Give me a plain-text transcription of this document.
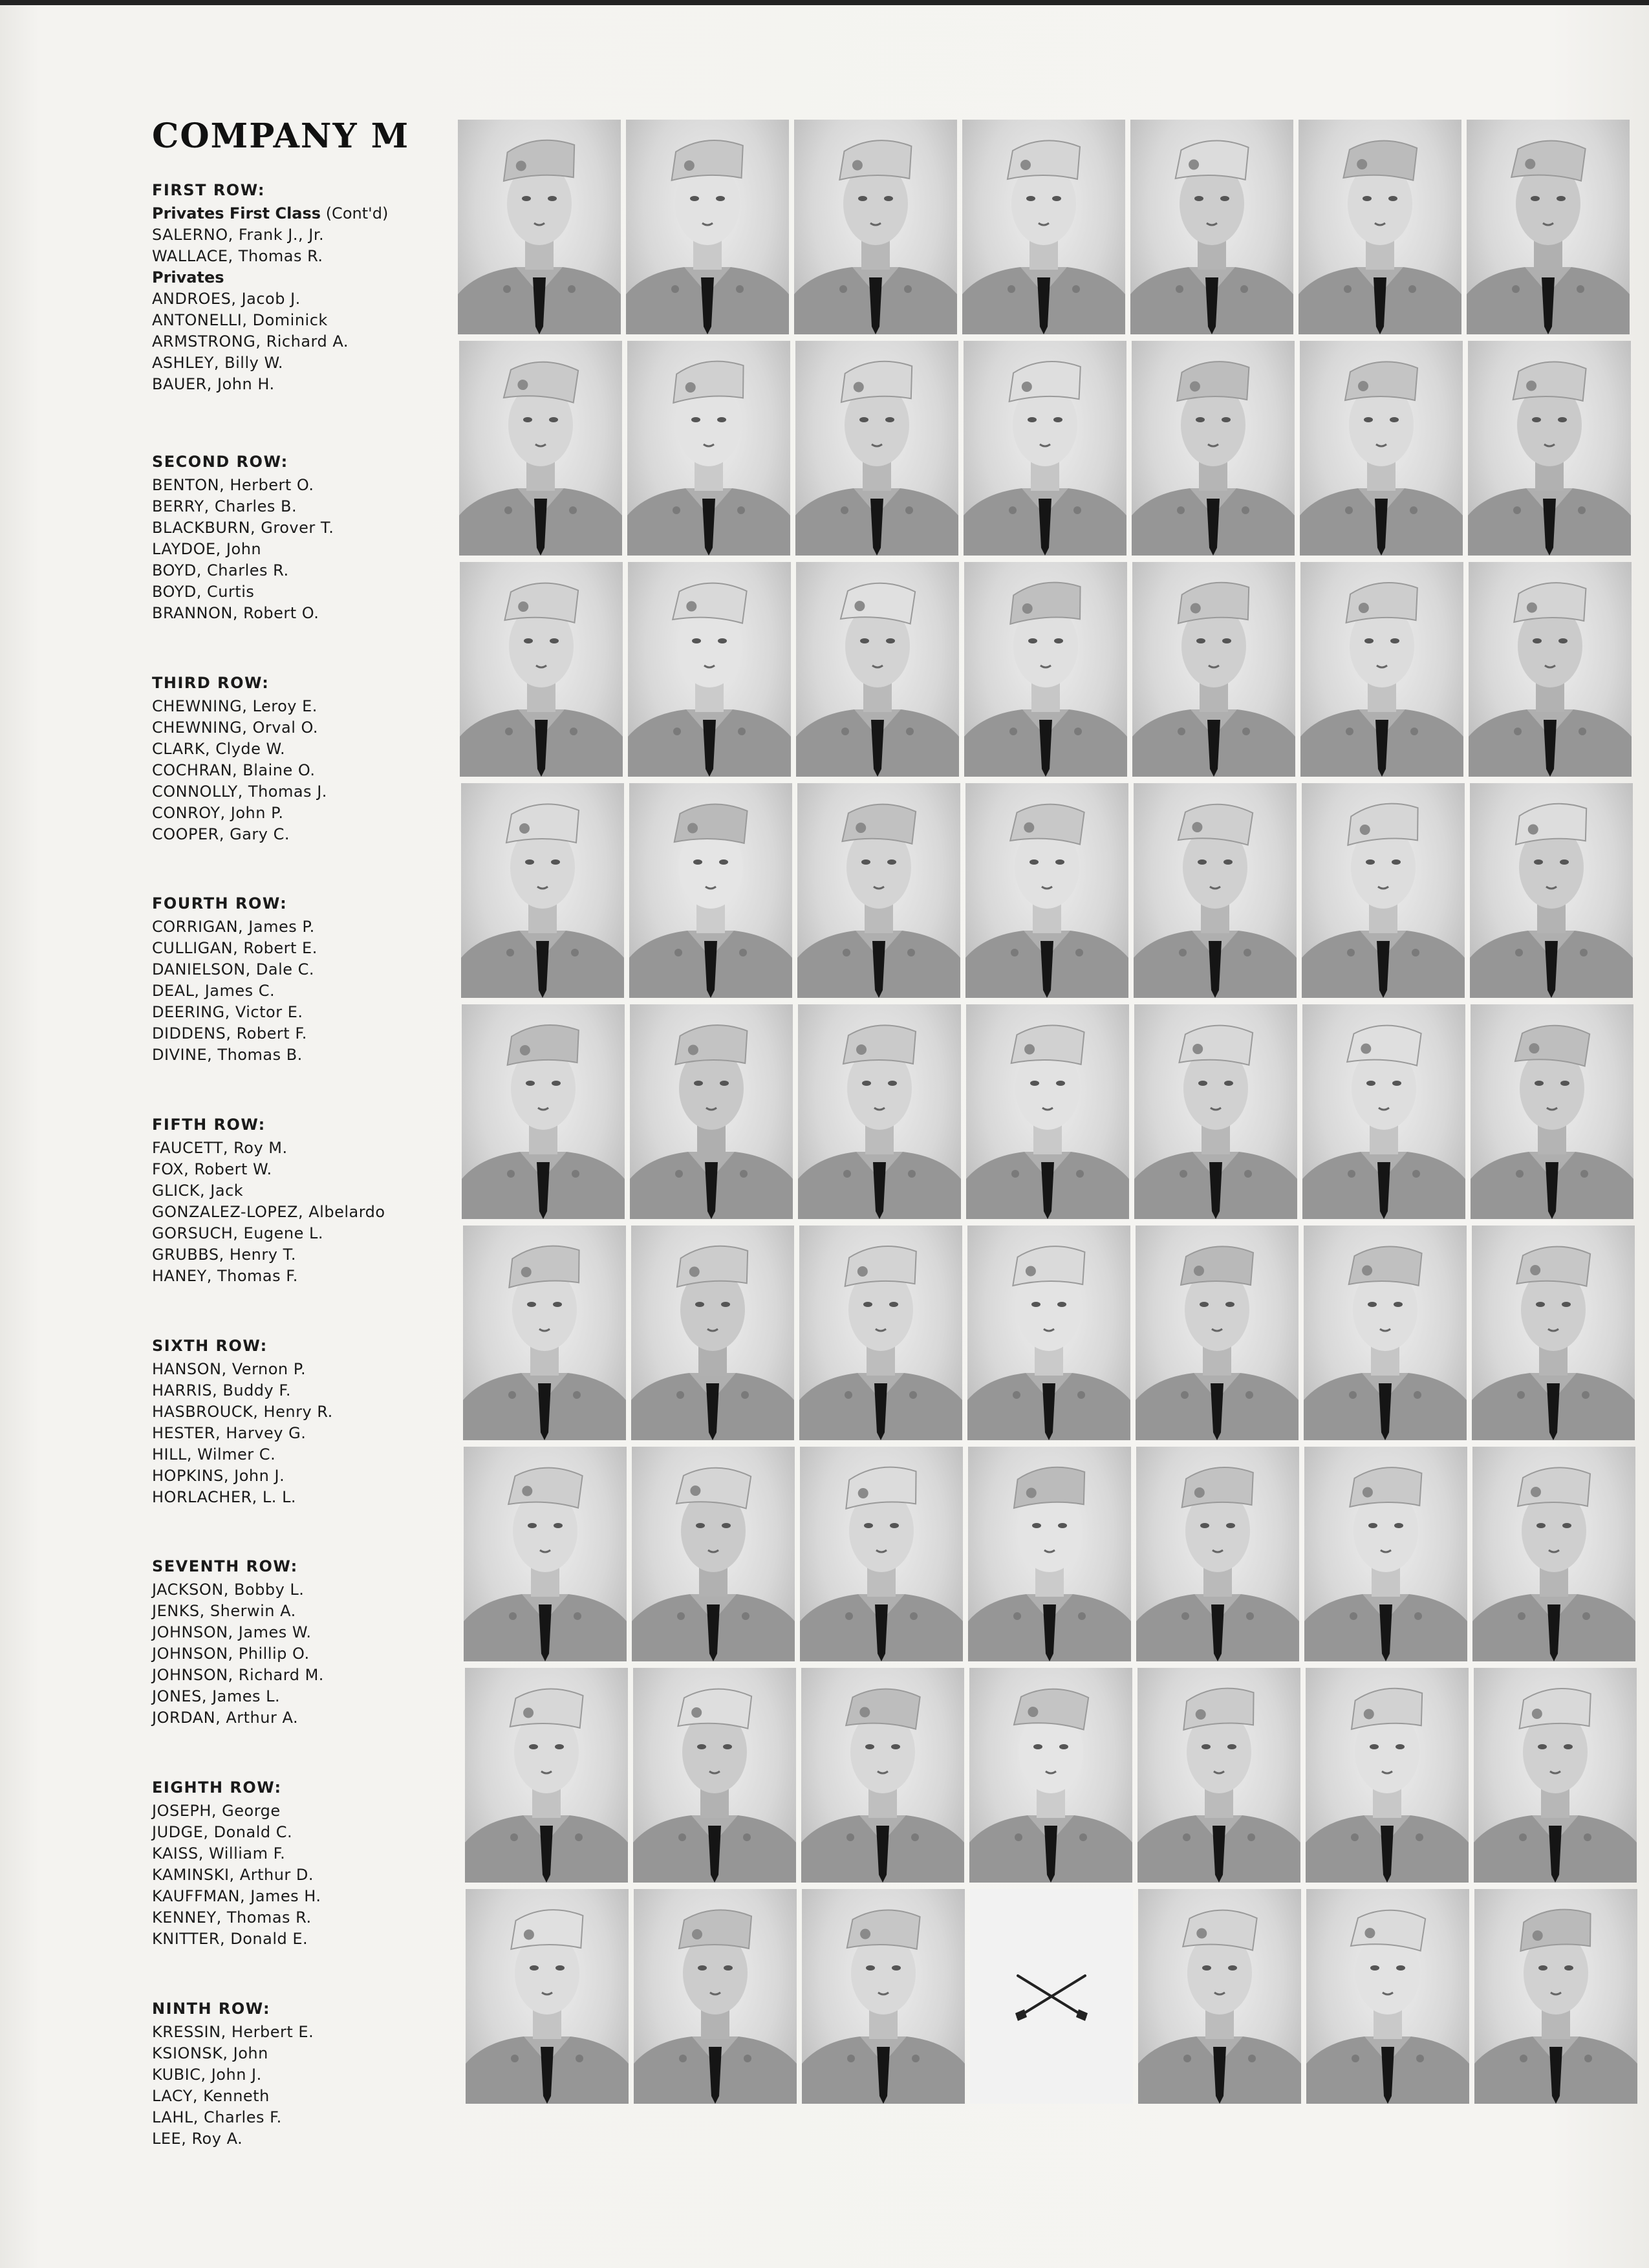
COMPANY M
FIRST ROW:
Privates First Class (Cont'd)
SALERNO, Frank J., Jr.
WALLACE, Thomas R.
Privates
ANDROES, Jacob J.
ANTONELLI, Dominick
ARMSTRONG, Richard A.
ASHLEY, Billy W.
BAUER, John H.
SECOND ROW:
BENTON, Herbert O.
BERRY, Charles B.
BLACKBURN, Grover T.
LAYDOE, John
BOYD, Charles R.
BOYD, Curtis
BRANNON, Robert O.
THIRD ROW:
CHEWNING, Leroy E.
CHEWNING, Orval O.
CLARK, Clyde W.
COCHRAN, Blaine O.
CONNOLLY, Thomas J.
CONROY, John P.
COOPER, Gary C.
FOURTH ROW:
CORRIGAN, James P.
CULLIGAN, Robert E.
DANIELSON, Dale C.
DEAL, James C.
DEERING, Victor E.
DIDDENS, Robert F.
DIVINE, Thomas B.
FIFTH ROW:
FAUCETT, Roy M.
FOX, Robert W.
GLICK, Jack
GONZALEZ-LOPEZ, Albelardo
GORSUCH, Eugene L.
GRUBBS, Henry T.
HANEY, Thomas F.
SIXTH ROW:
HANSON, Vernon P.
HARRIS, Buddy F.
HASBROUCK, Henry R.
HESTER, Harvey G.
HILL, Wilmer C.
HOPKINS, John J.
HORLACHER, L. L.
SEVENTH ROW:
JACKSON, Bobby L.
JENKS, Sherwin A.
JOHNSON, James W.
JOHNSON, Phillip O.
JOHNSON, Richard M.
JONES, James L.
JORDAN, Arthur A.
EIGHTH ROW:
JOSEPH, George
JUDGE, Donald C.
KAISS, William F.
KAMINSKI, Arthur D.
KAUFFMAN, James H.
KENNEY, Thomas R.
KNITTER, Donald E.
NINTH ROW:
KRESSIN, Herbert E.
KSIONSK, John
KUBIC, John J.
LACY, Kenneth
LAHL, Charles F.
LEE, Roy A.
